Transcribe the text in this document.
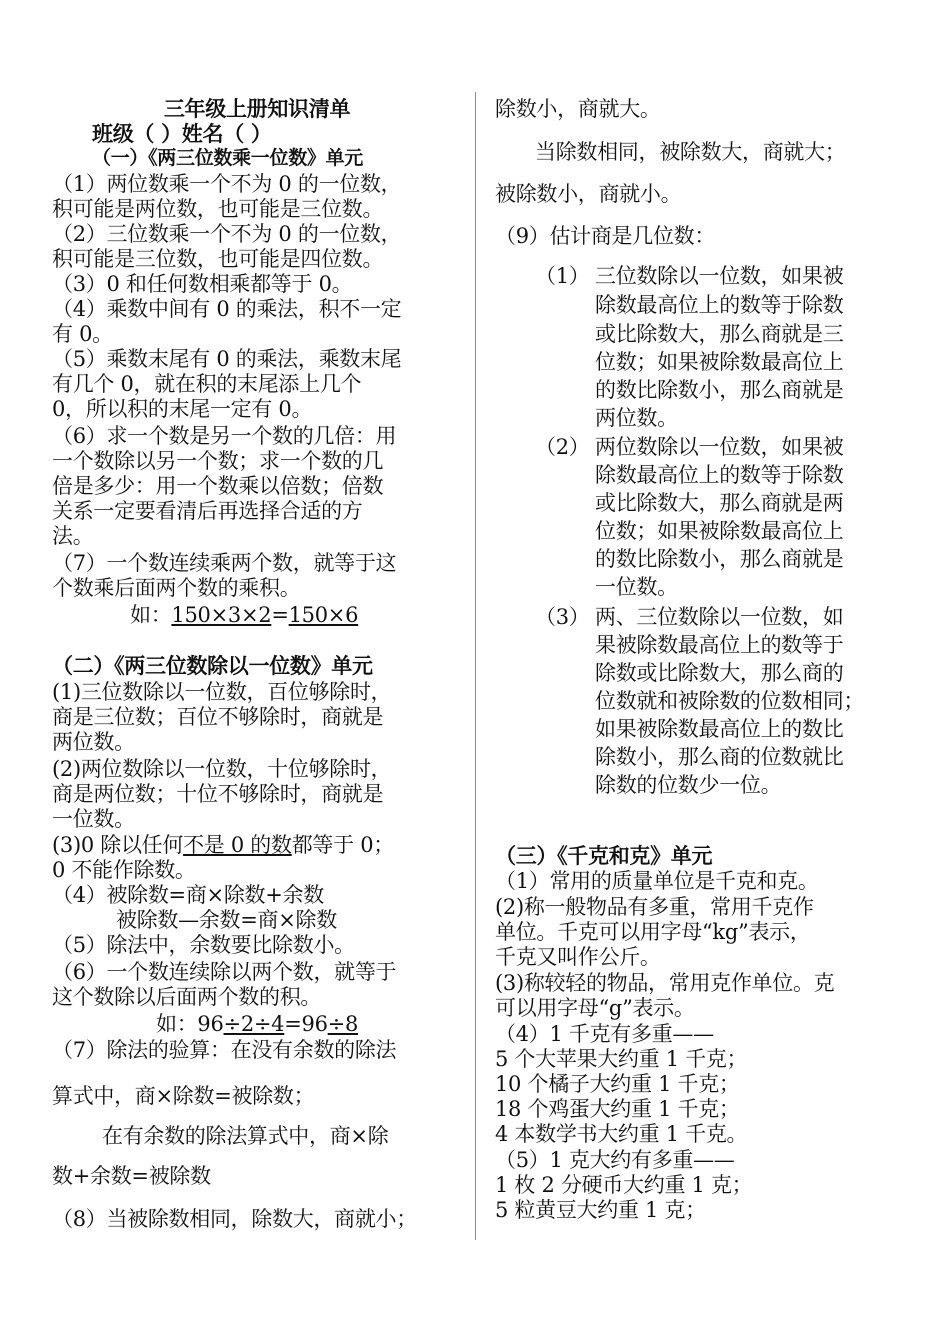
三年级上册知识清单
班级（ ）姓名（ ）
（一）《两三位数乘一位数》单元
（1）两位数乘一个不为 0 的一位数，
积可能是两位数，也可能是三位数。
（2）三位数乘一个不为 0 的一位数，
积可能是三位数，也可能是四位数。
（3）0 和任何数相乘都等于 0。
（4）乘数中间有 0 的乘法，积不一定
有 0。
（5）乘数末尾有 0 的乘法，乘数末尾
有几个 0，就在积的末尾添上几个
0，所以积的末尾一定有 0。
（6）求一个数是另一个数的几倍：用
一个数除以另一个数；求一个数的几
倍是多少：用一个数乘以倍数；倍数
关系一定要看清后再选择合适的方
法。
（7）一个数连续乘两个数，就等于这
个数乘后面两个数的乘积。
如：150×3×2=150×6
（二）《两三位数除以一位数》单元
(1)三位数除以一位数，百位够除时，
商是三位数；百位不够除时，商就是
两位数。
(2)两位数除以一位数，十位够除时，
商是两位数；十位不够除时，商就是
一位数。
(3)0 除以任何不是 0 的数都等于 0；
0 不能作除数。
（4）被除数=商×除数+余数
被除数—余数=商×除数
（5）除法中，余数要比除数小。
（6）一个数连续除以两个数，就等于
这个数除以后面两个数的积。
如：96÷2÷4=96÷8
（7）除法的验算：在没有余数的除法
算式中，商×除数=被除数；
在有余数的除法算式中，商×除
数+余数=被除数
（8）当被除数相同，除数大，商就小；
除数小，商就大。
当除数相同，被除数大，商就大；
被除数小，商就小。
（9）估计商是几位数：
（1） 三位数除以一位数，如果被
除数最高位上的数等于除数
或比除数大，那么商就是三
位数；如果被除数最高位上
的数比除数小，那么商就是
两位数。
（2） 两位数除以一位数，如果被
除数最高位上的数等于除数
或比除数大，那么商就是两
位数；如果被除数最高位上
的数比除数小，那么商就是
一位数。
（3） 两、三位数除以一位数，如
果被除数最高位上的数等于
除数或比除数大，那么商的
位数就和被除数的位数相同；
如果被除数最高位上的数比
除数小，那么商的位数就比
除数的位数少一位。
（三）《千克和克》单元
（1）常用的质量单位是千克和克。
(2)称一般物品有多重，常用千克作
单位。千克可以用字母“kg”表示，
千克又叫作公斤。
(3)称较轻的物品，常用克作单位。克
可以用字母“g”表示。
（4）1 千克有多重——
5 个大苹果大约重 1 千克；
10 个橘子大约重 1 千克；
18 个鸡蛋大约重 1 千克；
4 本数学书大约重 1 千克。
（5）1 克大约有多重——
1 枚 2 分硬币大约重 1 克；
5 粒黄豆大约重 1 克；
